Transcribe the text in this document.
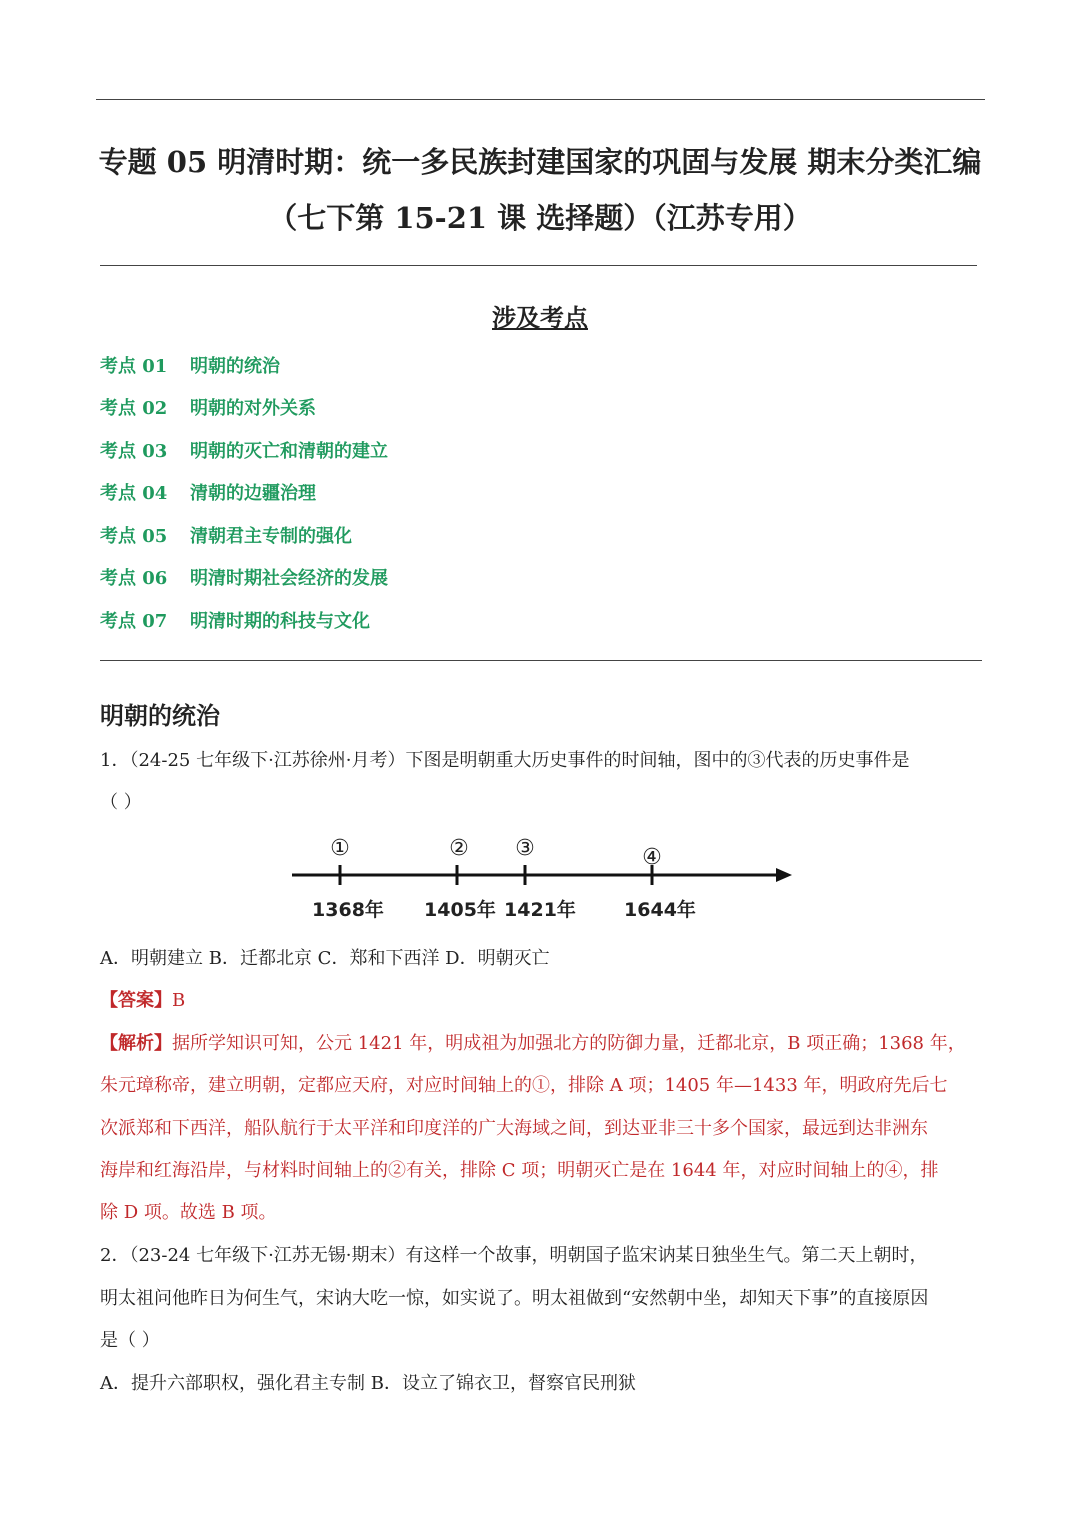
专题 05 明清时期：统一多民族封建国家的巩固与发展 期末分类汇编
（七下第 15-21 课 选择题）（江苏专用）
涉及考点
考点 01 明朝的统治
考点 02 明朝的对外关系
考点 03 明朝的灭亡和清朝的建立
考点 04 清朝的边疆治理
考点 05 清朝君主专制的强化
考点 06 明清时期社会经济的发展
考点 07 明清时期的科技与文化
明朝的统治
1．（24-25 七年级下·江苏徐州·月考）下图是明朝重大历史事件的时间轴，图中的③代表的历史事件是
（ ）
①	② ③	④
1368年 1405年 1421年	1644年
A．明朝建立 B．迁都北京 C．郑和下西洋 D．明朝灭亡
【答案】B
【解析】据所学知识可知，公元 1421 年，明成祖为加强北方的防御力量，迁都北京，B 项正确；1368 年，
朱元璋称帝，建立明朝，定都应天府，对应时间轴上的①，排除 A 项；1405 年—1433 年，明政府先后七
次派郑和下西洋，船队航行于太平洋和印度洋的广大海域之间，到达亚非三十多个国家，最远到达非洲东
海岸和红海沿岸，与材料时间轴上的②有关，排除 C 项；明朝灭亡是在 1644 年，对应时间轴上的④，排
除 D 项。故选 B 项。
2．（23-24 七年级下·江苏无锡·期末）有这样一个故事，明朝国子监宋讷某日独坐生气。第二天上朝时，
明太祖问他昨日为何生气，宋讷大吃一惊，如实说了。明太祖做到“安然朝中坐，却知天下事”的直接原因
是（ ）
A．提升六部职权，强化君主专制 B．设立了锦衣卫，督察官民刑狱
